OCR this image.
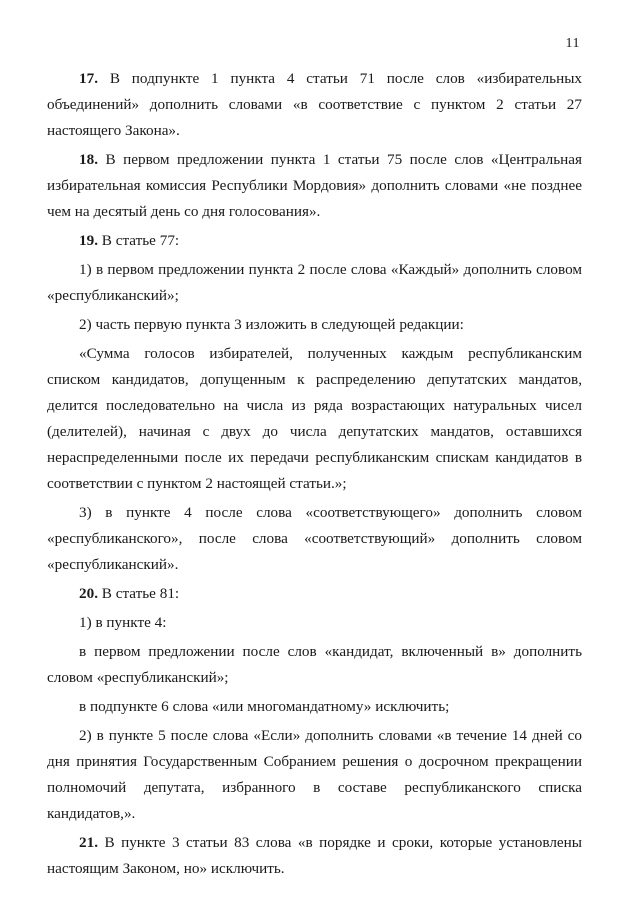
11

17. В подпункте 1 пункта 4 статьи 71 после слов «избирательных объединений» дополнить словами «в соответствие с пунктом 2 статьи 27 настоящего Закона».

18. В первом предложении пункта 1 статьи 75 после слов «Центральная избирательная комиссия Республики Мордовия» дополнить словами «не позднее чем на десятый день со дня голосования».

19. В статье 77:

1) в первом предложении пункта 2 после слова «Каждый» дополнить словом «республиканский»;

2) часть первую пункта 3 изложить в следующей редакции:

«Сумма голосов избирателей, полученных каждым республиканским списком кандидатов, допущенным к распределению депутатских мандатов, делится последовательно на числа из ряда возрастающих натуральных чисел (делителей), начиная с двух до числа депутатских мандатов, оставшихся нераспределенными после их передачи республиканским спискам кандидатов в соответствии с пунктом 2 настоящей статьи.»;

3) в пункте 4 после слова «соответствующего» дополнить словом «республиканского», после слова «соответствующий» дополнить словом «республиканский».

20. В статье 81:

1) в пункте 4:

в первом предложении после слов «кандидат, включенный в» дополнить словом «республиканский»;

в подпункте 6 слова «или многомандатному» исключить;

2) в пункте 5 после слова «Если» дополнить словами «в течение 14 дней со дня принятия Государственным Собранием решения о досрочном прекращении полномочий депутата, избранного в составе республиканского списка кандидатов,».

21. В пункте 3 статьи 83 слова «в порядке и сроки, которые установлены настоящим Законом, но» исключить.
